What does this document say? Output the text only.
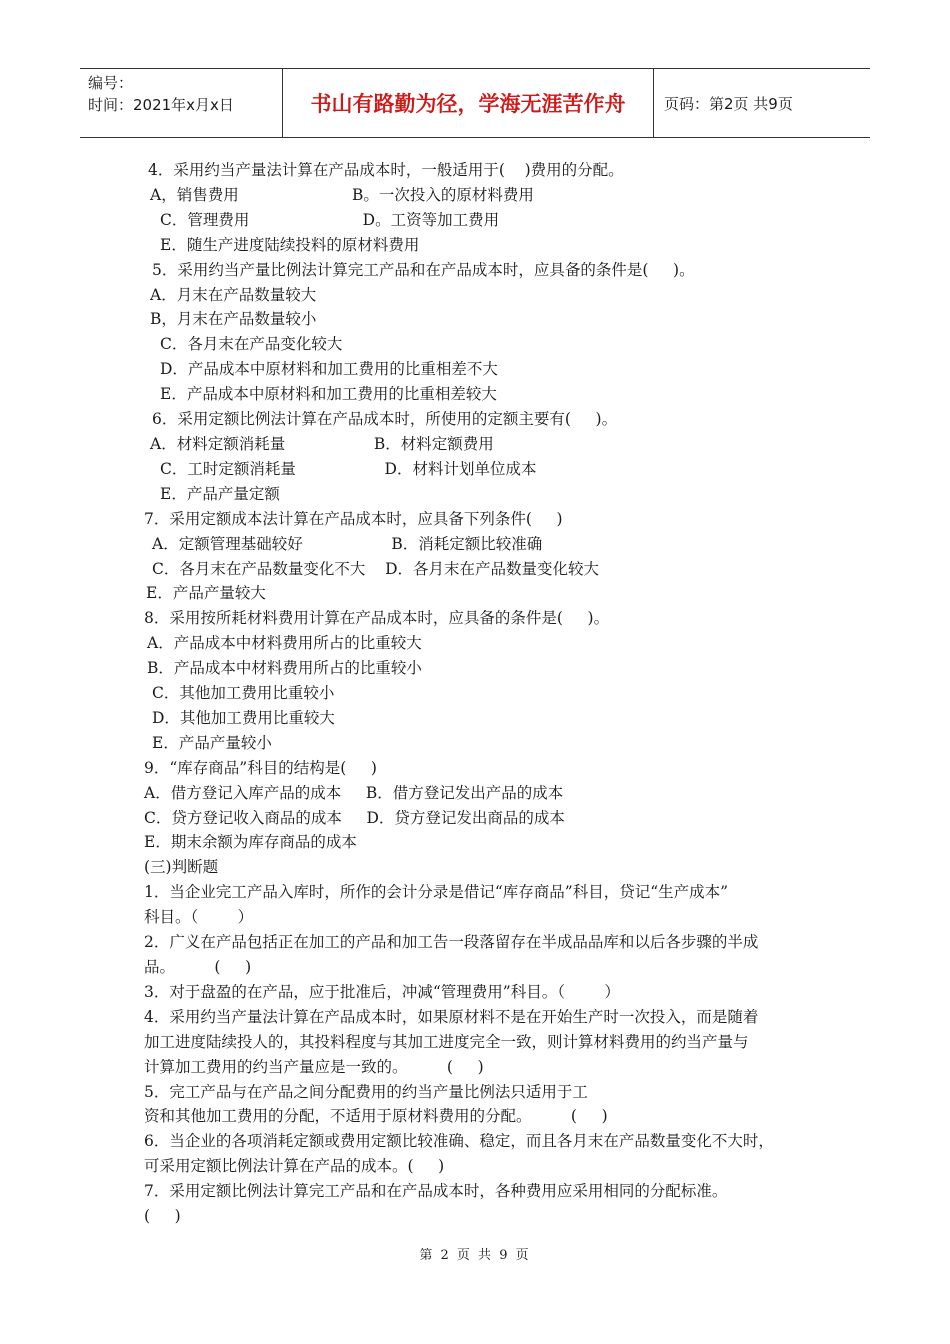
编号：
时间：2021年x月x日	书山有路勤为径，学海无涯苦作舟	页码：第2页 共9页
4．采用约当产量法计算在产品成本时，一般适用于(    )费用的分配。
A，销售费用                       B。一次投入的原材料费用
C．管理费用                       D。工资等加工费用
E．随生产进度陆续投料的原材料费用
5．采用约当产量比例法计算完工产品和在产品成本时，应具备的条件是(     )。
A．月末在产品数量较大
B，月末在产品数量较小
C．各月末在产品变化较大
D．产品成本中原材料和加工费用的比重相差不大
E．产品成本中原材料和加工费用的比重相差较大
6．采用定额比例法计算在产品成本时，所使用的定额主要有(     )。
A．材料定额消耗量                  B．材料定额费用
C．工时定额消耗量                  D．材料计划单位成本
E．产品产量定额
7．采用定额成本法计算在产品成本时，应具备下列条件(     )
A．定额管理基础较好                  B．消耗定额比较准确
C．各月末在产品数量变化不大    D．各月末在产品数量变化较大
E．产品产量较大
8．采用按所耗材料费用计算在产品成本时，应具备的条件是(     )。
A．产品成本中材料费用所占的比重较大
B．产品成本中材料费用所占的比重较小
C．其他加工费用比重较小
D．其他加工费用比重较大
E．产品产量较小
9．“库存商品”科目的结构是(     )
A．借方登记入库产品的成本     B．借方登记发出产品的成本
C．贷方登记收入商品的成本     D．贷方登记发出商品的成本
E．期末余额为库存商品的成本
(三)判断题
1．当企业完工产品入库时，所作的会计分录是借记“库存商品”科目，贷记“生产成本”
科目。（        ）
2．广义在产品包括正在加工的产品和加工告一段落留存在半成品品库和以后各步骤的半成
品。        (     )
3．对于盘盈的在产品，应于批准后，冲减“管理费用”科目。（        ）
4．采用约当产量法计算在产品成本时，如果原材料不是在开始生产时一次投入，而是随着
加工进度陆续投人的，其投料程度与其加工进度完全一致，则计算材料费用的约当产量与
计算加工费用的约当产量应是一致的。        (     )
5．完工产品与在产品之间分配费用的约当产量比例法只适用于工
资和其他加工费用的分配，不适用于原材料费用的分配。        (     )
6．当企业的各项消耗定额或费用定额比较准确、稳定，而且各月末在产品数量变化不大时，
可采用定额比例法计算在产品的成本。(     )
7．采用定额比例法计算完工产品和在产品成本时，各种费用应采用相同的分配标准。
(     )
第 2 页 共 9 页
